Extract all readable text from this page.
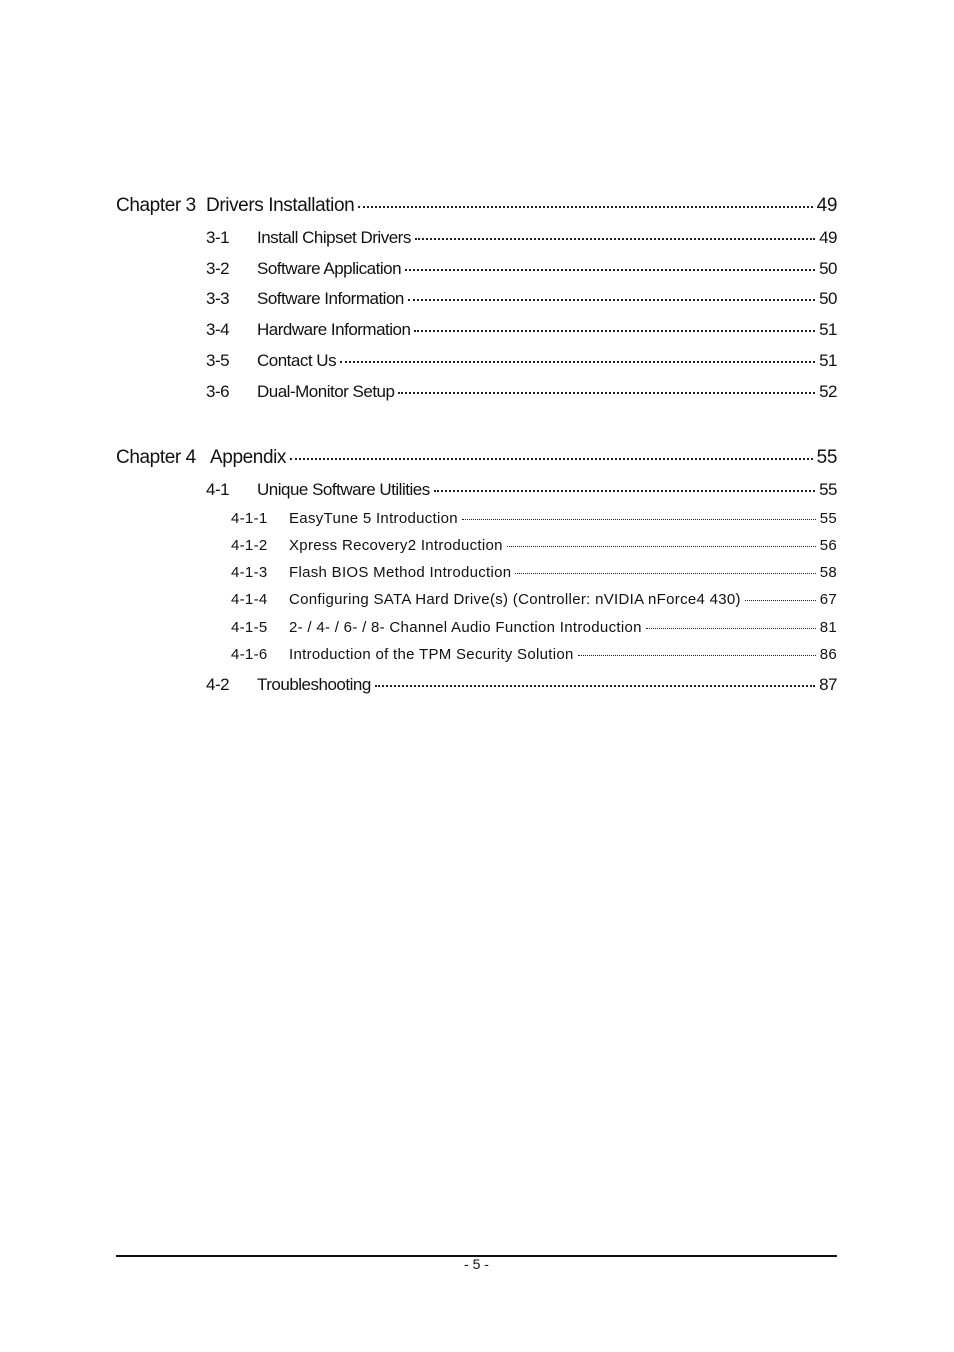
Chapter 3 Drivers Installation	49
3-1	Install Chipset Drivers	49
3-2	Software Application	50
3-3	Software Information	50
3-4	Hardware Information	51
3-5	Contact Us	51
3-6	Dual-Monitor Setup	52
Chapter 4 Appendix	55
4-1	Unique Software Utilities	55
4-1-1	EasyTune 5 Introduction	55
4-1-2	Xpress Recovery2 Introduction	56
4-1-3	Flash BIOS Method Introduction	58
4-1-4	Configuring SATA Hard Drive(s) (Controller: nVIDIA nForce4 430)	67
4-1-5	2- / 4- / 6- / 8- Channel Audio Function Introduction	81
4-1-6	Introduction of the TPM Security Solution	86
4-2	Troubleshooting	87
- 5 -
